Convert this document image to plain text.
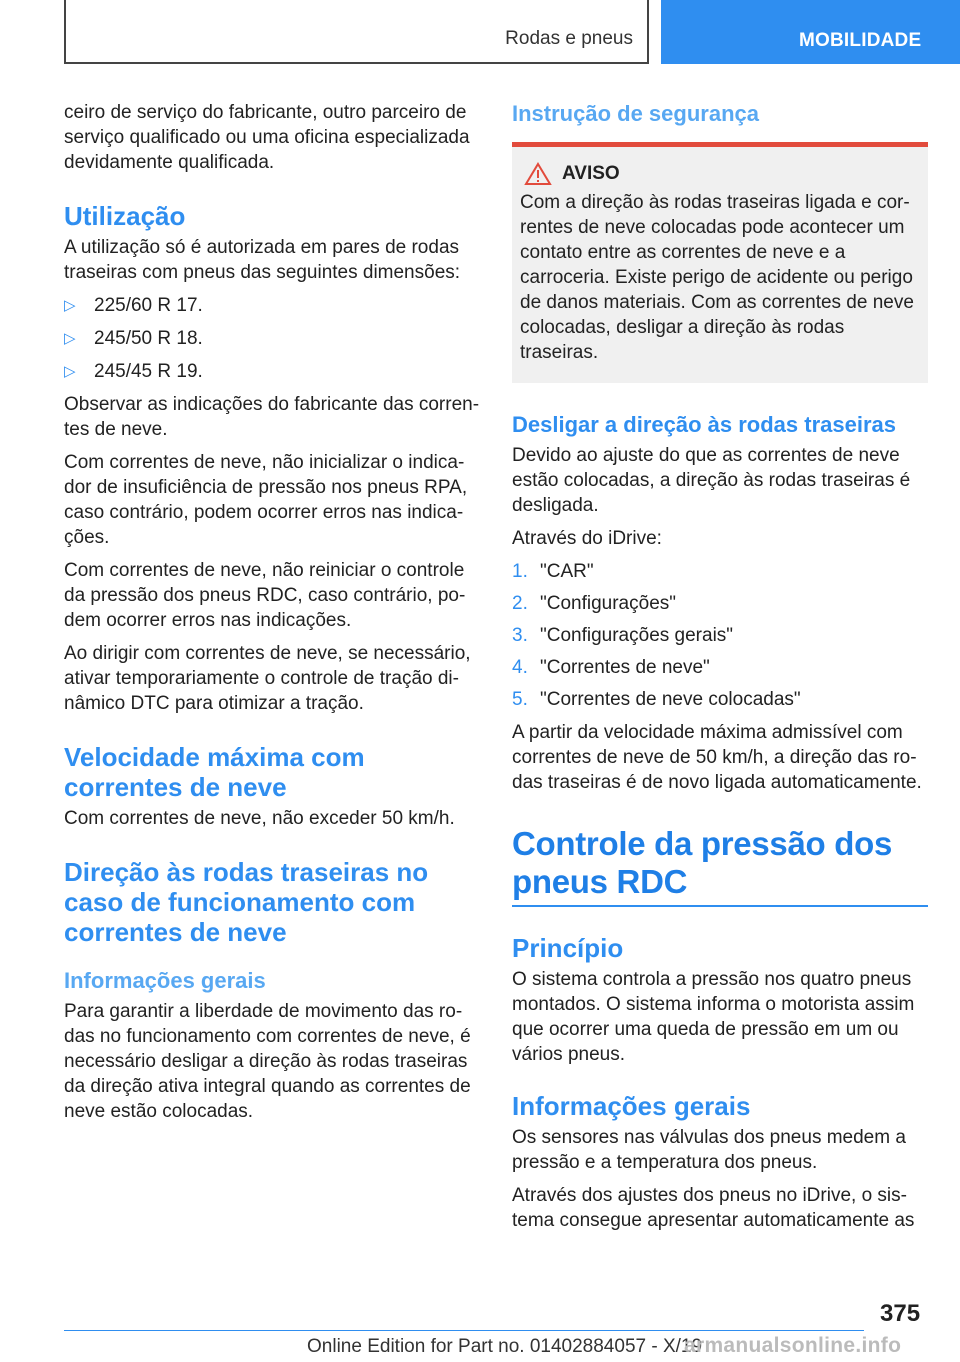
Rodas e pneus	MOBILIDADE

ceiro de serviço do fabricante, outro parceiro de serviço qualificado ou uma oficina especializada devidamente qualificada.

Utilização

A utilização só é autorizada em pares de rodas traseiras com pneus das seguintes dimensões:

▷ 225/60 R 17.
▷ 245/50 R 18.
▷ 245/45 R 19.

Observar as indicações do fabricante das correntes de neve.

Com correntes de neve, não inicializar o indicador de insuficiência de pressão nos pneus RPA, caso contrário, podem ocorrer erros nas indicações.

Com correntes de neve, não reiniciar o controle da pressão dos pneus RDC, caso contrário, podem ocorrer erros nas indicações.

Ao dirigir com correntes de neve, se necessário, ativar temporariamente o controle de tração dinâmico DTC para otimizar a tração.

Velocidade máxima com correntes de neve

Com correntes de neve, não exceder 50 km/h.

Direção às rodas traseiras no caso de funcionamento com correntes de neve
Informações gerais

Para garantir a liberdade de movimento das rodas no funcionamento com correntes de neve, é necessário desligar a direção às rodas traseiras da direção ativa integral quando as correntes de neve estão colocadas.

Instrução de segurança
AVISO
Com a direção às rodas traseiras ligada e correntes de neve colocadas pode acontecer um contato entre as correntes de neve e a carroceria. Existe perigo de acidente ou perigo de danos materiais. Com as correntes de neve colocadas, desligar a direção às rodas traseiras.
Desligar a direção às rodas traseiras

Devido ao ajuste do que as correntes de neve estão colocadas, a direção às rodas traseiras é desligada.

Através do iDrive:

1. "CAR"
2. "Configurações"
3. "Configurações gerais"
4. "Correntes de neve"
5. "Correntes de neve colocadas"

A partir da velocidade máxima admissível com correntes de neve de 50 km/h, a direção das rodas traseiras é de novo ligada automaticamente.

Controle da pressão dos pneus RDC
Princípio

O sistema controla a pressão nos quatro pneus montados. O sistema informa o motorista assim que ocorrer uma queda de pressão em um ou vários pneus.

Informações gerais

Os sensores nas válvulas dos pneus medem a pressão e a temperatura dos pneus.

Através dos ajustes dos pneus no iDrive, o sistema consegue apresentar automaticamente as

375
Online Edition for Part no. 01402884057 - X/19
armanualsonline.info
